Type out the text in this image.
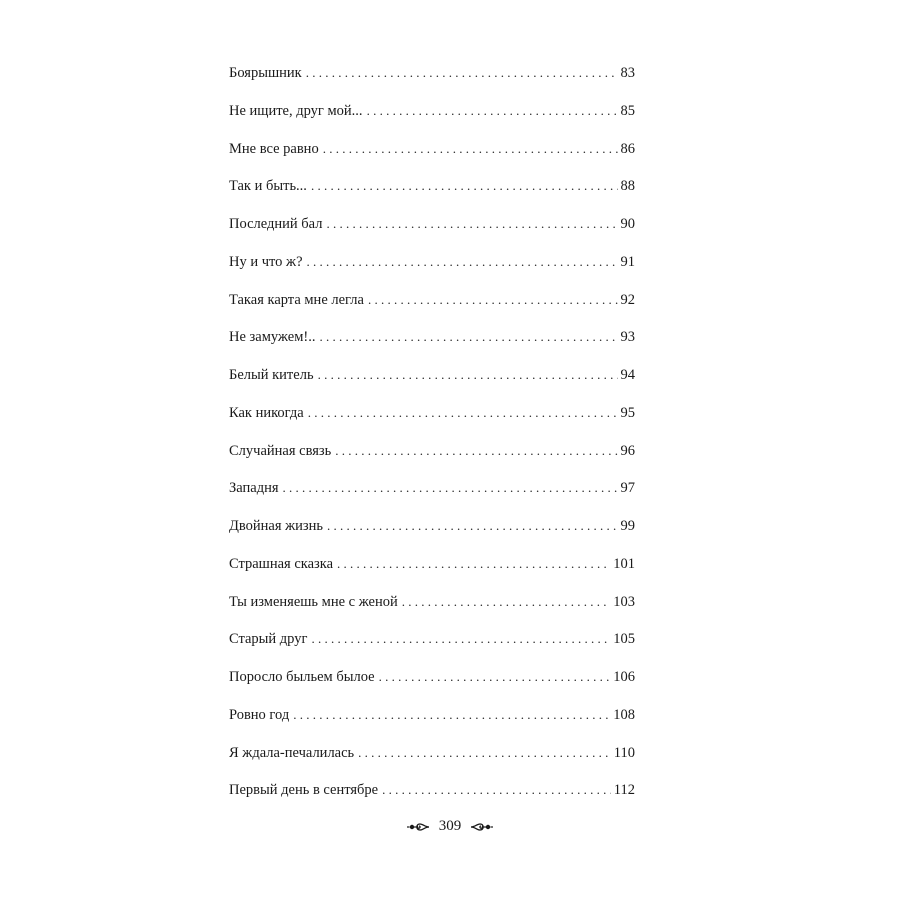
Боярышник . . .	83
Не ищите, друг мой... . . .	85
Мне все равно . . .	86
Так и быть... . . .	88
Последний бал . . .	90
Ну и что ж? . . .	91
Такая карта мне легла . . .	92
Не замужем!.. . . .	93
Белый китель . . .	94
Как никогда . . .	95
Случайная связь . . .	96
Западня . . .	97
Двойная жизнь . . .	99
Страшная сказка . . .	101
Ты изменяешь мне с женой . . .	103
Старый друг . . .	105
Поросло быльем былое . . .	106
Ровно год . . .	108
Я ждала-печалилась . . .	110
Первый день в сентябре . . .	112
309
